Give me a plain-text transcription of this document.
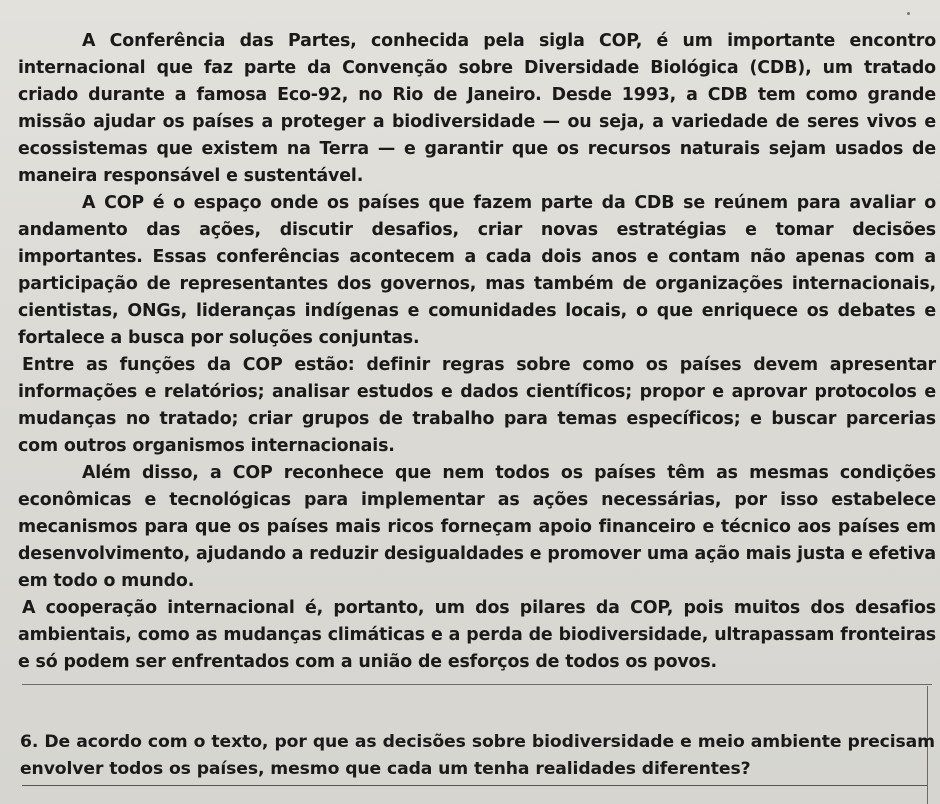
A Conferência das Partes, conhecida pela sigla COP, é um importante encontro internacional que faz parte da Convenção sobre Diversidade Biológica (CDB), um tratado criado durante a famosa Eco-92, no Rio de Janeiro. Desde 1993, a CDB tem como grande missão ajudar os países a proteger a biodiversidade — ou seja, a variedade de seres vivos e ecossistemas que existem na Terra — e garantir que os recursos naturais sejam usados de maneira responsável e sustentável.

A COP é o espaço onde os países que fazem parte da CDB se reúnem para avaliar o andamento das ações, discutir desafios, criar novas estratégias e tomar decisões importantes. Essas conferências acontecem a cada dois anos e contam não apenas com a participação de representantes dos governos, mas também de organizações internacionais, cientistas, ONGs, lideranças indígenas e comunidades locais, o que enriquece os debates e fortalece a busca por soluções conjuntas.

Entre as funções da COP estão: definir regras sobre como os países devem apresentar informações e relatórios; analisar estudos e dados científicos; propor e aprovar protocolos e mudanças no tratado; criar grupos de trabalho para temas específicos; e buscar parcerias com outros organismos internacionais.

Além disso, a COP reconhece que nem todos os países têm as mesmas condições econômicas e tecnológicas para implementar as ações necessárias, por isso estabelece mecanismos para que os países mais ricos forneçam apoio financeiro e técnico aos países em desenvolvimento, ajudando a reduzir desigualdades e promover uma ação mais justa e efetiva em todo o mundo.

A cooperação internacional é, portanto, um dos pilares da COP, pois muitos dos desafios ambientais, como as mudanças climáticas e a perda de biodiversidade, ultrapassam fronteiras e só podem ser enfrentados com a união de esforços de todos os povos.

6. De acordo com o texto, por que as decisões sobre biodiversidade e meio ambiente precisam envolver todos os países, mesmo que cada um tenha realidades diferentes?
